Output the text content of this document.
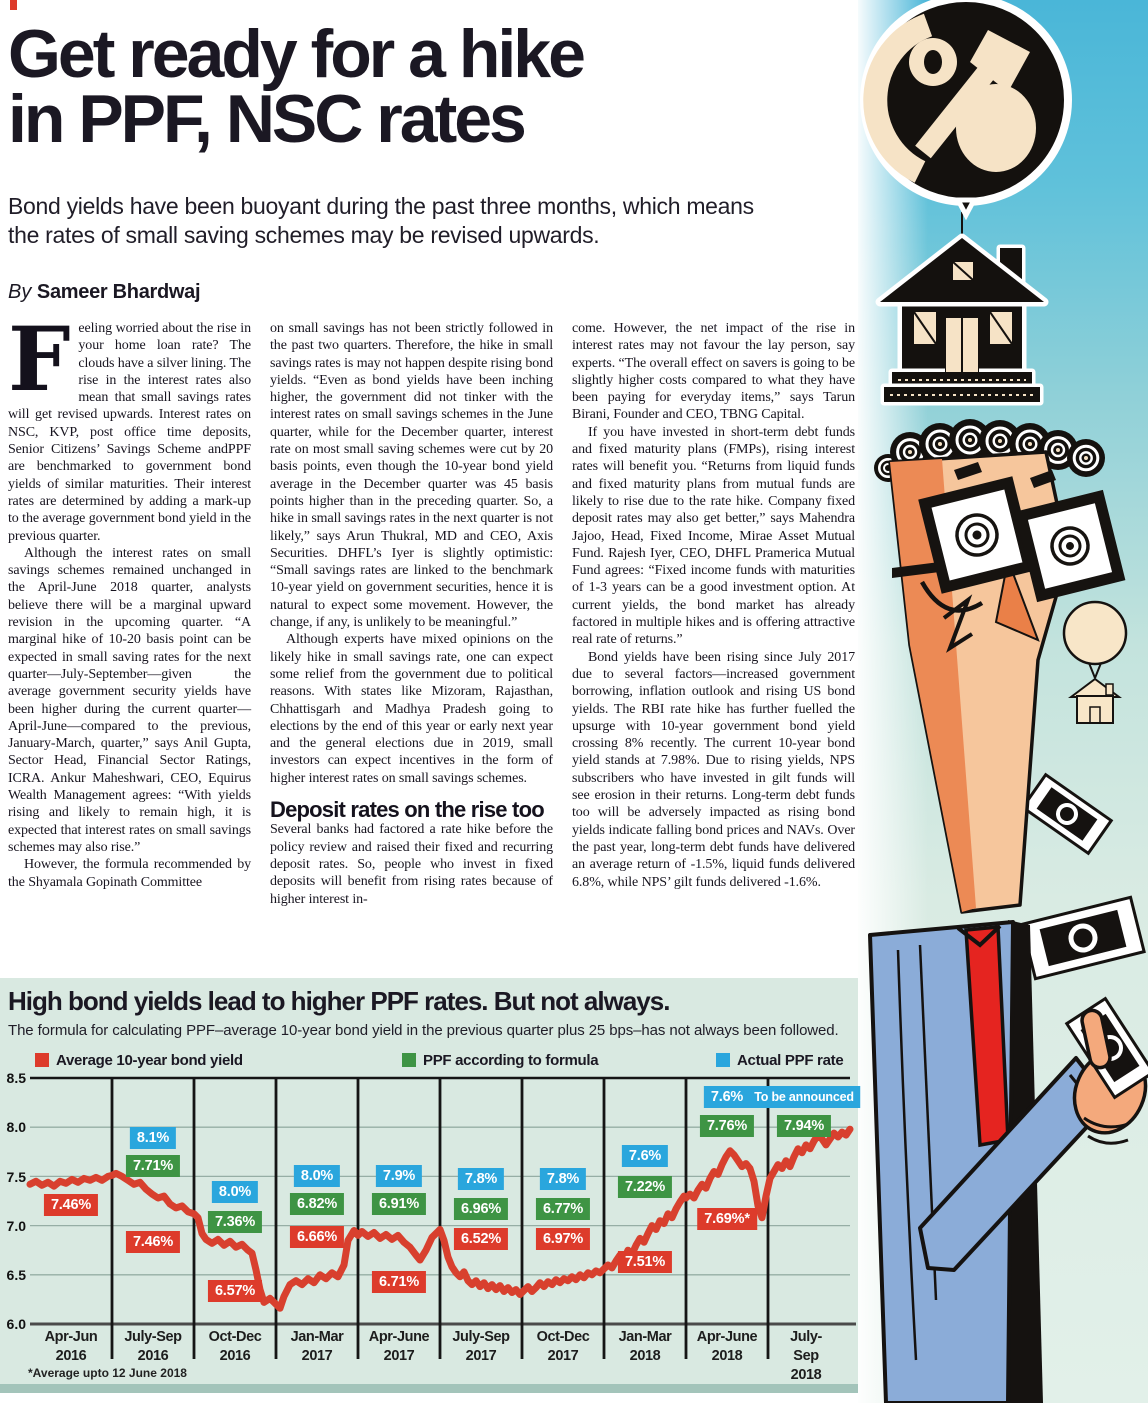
Get ready for a hike
in PPF, NSC rates
Bond yields have been buoyant during the past three months, which means the rates of small saving schemes may be revised upwards.
By Sameer Bhardwaj

Feeling worried about the rise in your home loan rate? The clouds have a silver lining. The rise in the interest rates also mean that small savings rates will get revised upwards. Interest rates on NSC, KVP, post office time deposits, Senior Citizens’ Savings Scheme andPPF are benchmarked to government bond yields of similar maturities. Their interest rates are determined by adding a mark-up to the average government bond yield in the previous quarter.

Although the interest rates on small savings schemes remained unchanged in the April-June 2018 quarter, analysts believe there will be a marginal upward revision in the upcoming quarter. “A marginal hike of 10-20 basis point can be expected in small saving rates for the next quarter—July-September—given the average government security yields have been higher during the current quarter—April-June—compared to the previous, January-March, quarter,” says Anil Gupta, Sector Head, Financial Sector Ratings, ICRA. Ankur Maheshwari, CEO, Equirus Wealth Management agrees: “With yields rising and likely to remain high, it is expected that interest rates on small savings schemes may also rise.”

However, the formula recommended by the Shyamala Gopinath Committee

on small savings has not been strictly followed in the past two quarters. Therefore, the hike in small savings rates is may not happen despite rising bond yields. “Even as bond yields have been inching higher, the government did not tinker with the interest rates on small savings schemes in the June quarter, while for the December quarter, interest rate on most small saving schemes were cut by 20 basis points, even though the 10-year bond yield average in the December quarter was 45 basis points higher than in the preceding quarter. So, a hike in small savings rates in the next quarter is not likely,” says Arun Thukral, MD and CEO, Axis Securities. DHFL’s Iyer is slightly optimistic: “Small savings rates are linked to the benchmark 10-year yield on government securities, hence it is natural to expect some movement. However, the change, if any, is unlikely to be meaningful.”

Although experts have mixed opinions on the likely hike in small savings rate, one can expect some relief from the government due to political reasons. With states like Mizoram, Rajasthan, Chhattisgarh and Madhya Pradesh going to elections by the end of this year or early next year and the general elections due in 2019, small investors can expect incentives in the form of higher interest rates on small savings schemes.

Deposit rates on the rise too

Several banks had factored a rate hike before the policy review and raised their fixed and recurring deposit rates. So, people who invest in fixed deposits will benefit from rising rates because of higher interest in-

come. However, the net impact of the rise in interest rates may not favour the lay person, say experts. “The overall effect on savers is going to be slightly higher costs compared to what they have been paying for everyday items,” says Tarun Birani, Founder and CEO, TBNG Capital.

If you have invested in short-term debt funds and fixed maturity plans (FMPs), rising interest rates will benefit you. “Returns from liquid funds and fixed maturity plans from mutual funds are likely to rise due to the rate hike. Company fixed deposit rates may also get better,” says Mahendra Jajoo, Head, Fixed Income, Mirae Asset Mutual Fund. Rajesh Iyer, CEO, DHFL Pramerica Mutual Fund agrees: “Fixed income funds with maturities of 1-3 years can be a good investment option. At current yields, the bond market has already factored in multiple hikes and is offering attractive real rate of returns.”

Bond yields have been rising since July 2017 due to several factors—increased government borrowing, inflation outlook and rising US bond yields. The RBI rate hike has further fuelled the upsurge with 10-year government bond yield crossing 8% recently. The current 10-year bond yield stands at 7.98%. Due to rising yields, NPS subscribers who have invested in gilt funds will see erosion in their returns. Long-term debt funds too will be adversely impacted as rising bond yields indicate falling bond prices and NAVs. Over the past year, long-term debt funds have delivered an average return of -1.5%, liquid funds delivered 6.8%, while NPS’ gilt funds delivered -1.6%.

High bond yields lead to higher PPF rates. But not always.
The formula for calculating PPF–average 10-year bond yield in the previous quarter plus 25 bps–has not always been followed.
Average 10-year bond yield	PPF according to formula	Actual PPF rate
8.5
8.0
7.5
7.0
6.5
6.0
7.46%
8.1%
7.71%
7.46%
8.0%
7.36%
6.57%
8.0%
6.82%
6.66%
7.9%
6.91%
6.71%
7.8%
6.96%
6.52%
7.8%
6.77%
6.97%
7.6%
7.22%
7.51%
7.6%
7.76%
7.69%*
To be announced
7.94%
Apr-Jun
2016
July-Sep
2016
Oct-Dec
2016
Jan-Mar
2017
Apr-June
2017
July-Sep
2017
Oct-Dec
2017
Jan-Mar
2018
Apr-June
2018
July-Sep
2018
*Average upto 12 June 2018
